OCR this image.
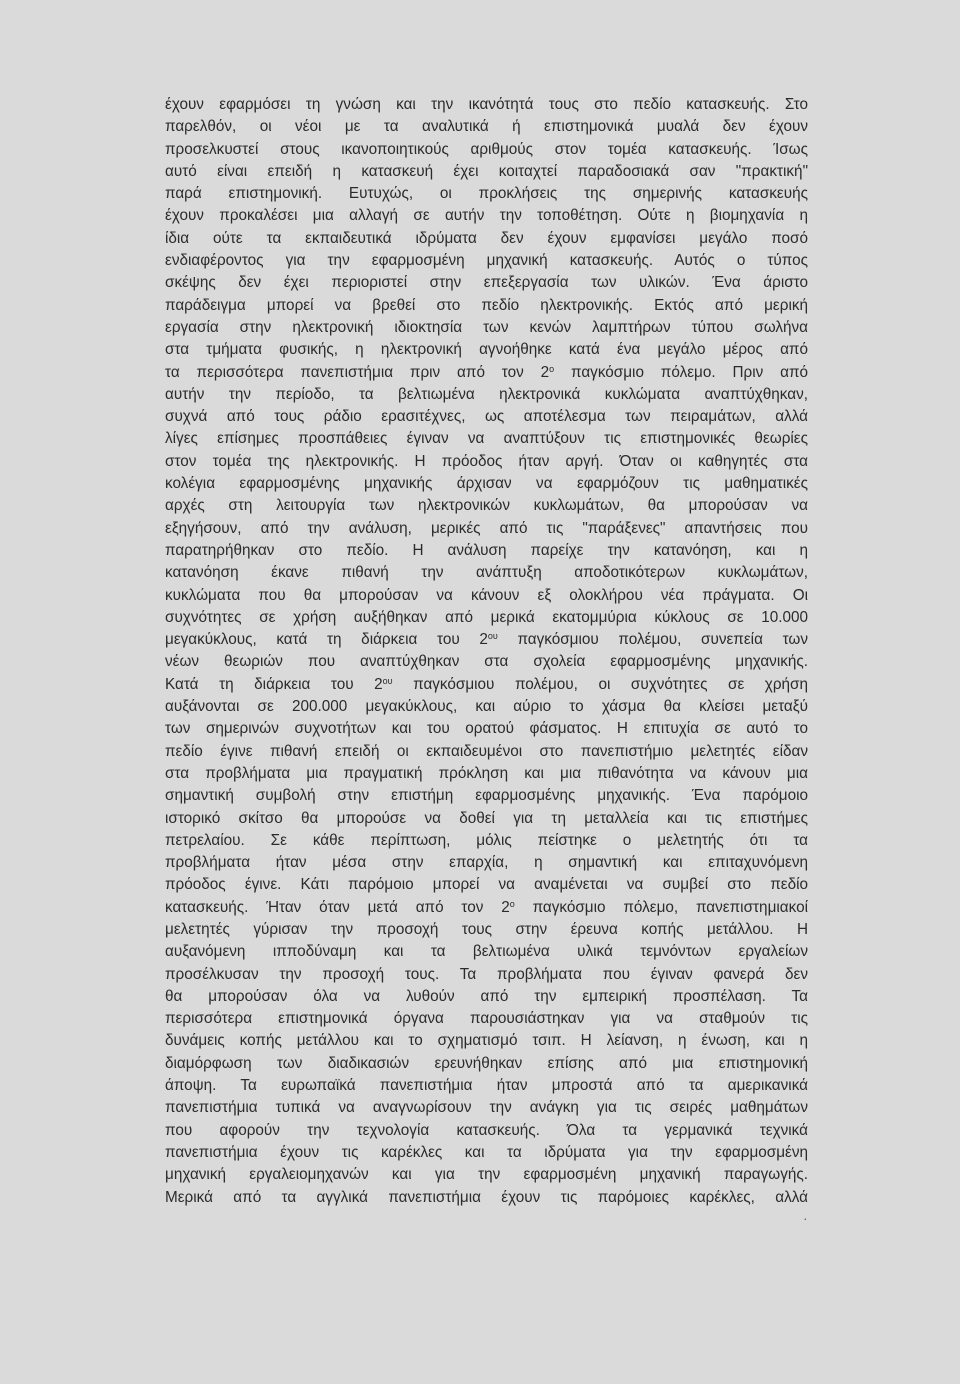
έχουν εφαρμόσει τη γνώση και την ικανότητά τους στο πεδίο κατασκευής. Στο

παρελθόν, οι νέοι με τα αναλυτικά ή επιστημονικά μυαλά δεν έχουν

προσελκυστεί στους ικανοποιητικούς αριθμούς στον τομέα κατασκευής. Ίσως

αυτό είναι επειδή η κατασκευή έχει κοιταχτεί παραδοσιακά σαν "πρακτική"

παρά επιστημονική. Ευτυχώς, οι προκλήσεις της σημερινής κατασκευής

έχουν προκαλέσει μια αλλαγή σε αυτήν την τοποθέτηση. Ούτε η βιομηχανία η

ίδια ούτε τα εκπαιδευτικά ιδρύματα δεν έχουν εμφανίσει μεγάλο ποσό

ενδιαφέροντος για την εφαρμοσμένη μηχανική κατασκευής. Αυτός ο τύπος

σκέψης δεν έχει περιοριστεί στην επεξεργασία των υλικών. Ένα άριστο

παράδειγμα μπορεί να βρεθεί στο πεδίο ηλεκτρονικής. Εκτός από μερική

εργασία στην ηλεκτρονική ιδιοκτησία των κενών λαμπτήρων τύπου σωλήνα

στα τμήματα φυσικής, η ηλεκτρονική αγνοήθηκε κατά ένα μεγάλο μέρος από

τα περισσότερα πανεπιστήμια πριν από τον $2^o$ παγκόσμιο πόλεμο. Πριν από

αυτήν την περίοδο, τα βελτιωμένα ηλεκτρονικά κυκλώματα αναπτύχθηκαν,

συχνά από τους ράδιο ερασιτέχνες, ως αποτέλεσμα των πειραμάτων, αλλά

λίγες επίσημες προσπάθειες έγιναν να αναπτύξουν τις επιστημονικές θεωρίες

στον τομέα της ηλεκτρονικής. Η πρόοδος ήταν αργή. Όταν οι καθηγητές στα

κολέγια εφαρμοσμένης μηχανικής άρχισαν να εφαρμόζουν τις μαθηματικές

αρχές στη λειτουργία των ηλεκτρονικών κυκλωμάτων, θα μπορούσαν να

εξηγήσουν, από την ανάλυση, μερικές από τις "παράξενες" απαντήσεις που

παρατηρήθηκαν στο πεδίο. Η ανάλυση παρείχε την κατανόηση, και η

κατανόηση έκανε πιθανή την ανάπτυξη αποδοτικότερων κυκλωμάτων,

κυκλώματα που θα μπορούσαν να κάνουν εξ ολοκλήρου νέα πράγματα. Οι

συχνότητες σε χρήση αυξήθηκαν από μερικά εκατομμύρια κύκλους σε 10.000

μεγακύκλους, κατά τη διάρκεια του $2^{o\upsilon}$ παγκόσμιου πολέμου, συνεπεία των

νέων θεωριών που αναπτύχθηκαν στα σχολεία εφαρμοσμένης μηχανικής.

Κατά τη διάρκεια του $2^{o\upsilon}$ παγκόσμιου πολέμου, οι συχνότητες σε χρήση

αυξάνονται σε 200.000 μεγακύκλους, και αύριο το χάσμα θα κλείσει μεταξύ

των σημερινών συχνοτήτων και του ορατού φάσματος. Η επιτυχία σε αυτό το

πεδίο έγινε πιθανή επειδή οι εκπαιδευμένοι στο πανεπιστήμιο μελετητές είδαν

στα προβλήματα μια πραγματική πρόκληση και μια πιθανότητα να κάνουν μια

σημαντική συμβολή στην επιστήμη εφαρμοσμένης μηχανικής. Ένα παρόμοιο

ιστορικό σκίτσο θα μπορούσε να δοθεί για τη μεταλλεία και τις επιστήμες

πετρελαίου. Σε κάθε περίπτωση, μόλις πείστηκε ο μελετητής ότι τα

προβλήματα ήταν μέσα στην επαρχία, η σημαντική και επιταχυνόμενη

πρόοδος έγινε. Κάτι παρόμοιο μπορεί να αναμένεται να συμβεί στο πεδίο

κατασκευής. Ήταν όταν μετά από τον $2^o$ παγκόσμιο πόλεμο, πανεπιστημιακοί

μελετητές γύρισαν την προσοχή τους στην έρευνα κοπής μετάλλου. Η

αυξανόμενη ιπποδύναμη και τα βελτιωμένα υλικά τεμνόντων εργαλείων

προσέλκυσαν την προσοχή τους. Τα προβλήματα που έγιναν φανερά δεν

θα μπορούσαν όλα να λυθούν από την εμπειρική προσπέλαση. Τα

περισσότερα επιστημονικά όργανα παρουσιάστηκαν για να σταθμούν τις

δυνάμεις κοπής μετάλλου και το σχηματισμό τσιπ. Η λείανση, η ένωση, και η

διαμόρφωση των διαδικασιών ερευνήθηκαν επίσης από μια επιστημονική

άποψη. Τα ευρωπαϊκά πανεπιστήμια ήταν μπροστά από τα αμερικανικά

πανεπιστήμια τυπικά να αναγνωρίσουν την ανάγκη για τις σειρές μαθημάτων

που αφορούν την τεχνολογία κατασκευής. Όλα τα γερμανικά τεχνικά

πανεπιστήμια έχουν τις καρέκλες και τα ιδρύματα για την εφαρμοσμένη

μηχανική εργαλειομηχανών και για την εφαρμοσμένη μηχανική παραγωγής.

Μερικά από τα αγγλικά πανεπιστήμια έχουν τις παρόμοιες καρέκλες, αλλά

·
